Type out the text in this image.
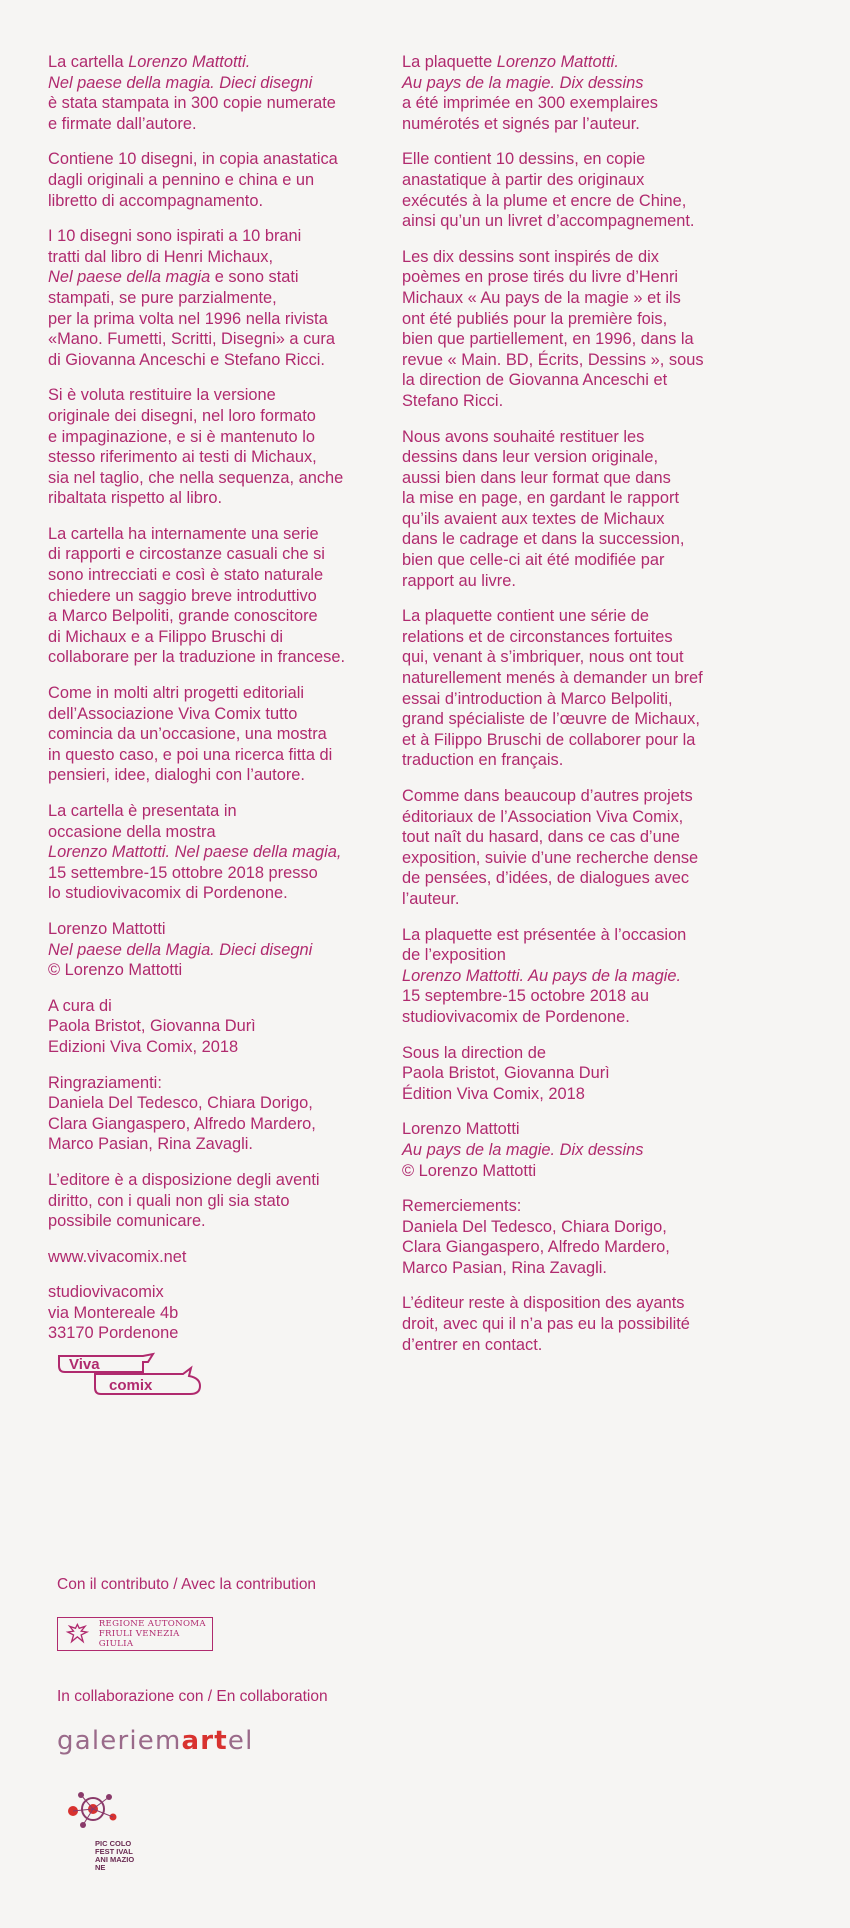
La cartella Lorenzo Mattotti.
Nel paese della magia. Dieci disegni
è stata stampata in 300 copie numerate
e firmate dall’autore.

Contiene 10 disegni, in copia anastatica
dagli originali a pennino e china e un
libretto di accompagnamento.

I 10 disegni sono ispirati a 10 brani
tratti dal libro di Henri Michaux,
Nel paese della magia e sono stati
stampati, se pure parzialmente,
per la prima volta nel 1996 nella rivista
«Mano. Fumetti, Scritti, Disegni» a cura
di Giovanna Anceschi e Stefano Ricci.

Si è voluta restituire la versione
originale dei disegni, nel loro formato
e impaginazione, e si è mantenuto lo
stesso riferimento ai testi di Michaux,
sia nel taglio, che nella sequenza, anche
ribaltata rispetto al libro.

La cartella ha internamente una serie
di rapporti e circostanze casuali che si
sono intrecciati e così è stato naturale
chiedere un saggio breve introduttivo
a Marco Belpoliti, grande conoscitore
di Michaux e a Filippo Bruschi di
collaborare per la traduzione in francese.

Come in molti altri progetti editoriali
dell’Associazione Viva Comix tutto
comincia da un’occasione, una mostra
in questo caso, e poi una ricerca fitta di
pensieri, idee, dialoghi con l’autore.

La cartella è presentata in
occasione della mostra
Lorenzo Mattotti. Nel paese della magia,
15 settembre-15 ottobre 2018 presso
lo studiovivacomix di Pordenone.

Lorenzo Mattotti
Nel paese della Magia. Dieci disegni
© Lorenzo Mattotti

A cura di
Paola Bristot, Giovanna Durì
Edizioni Viva Comix, 2018

Ringraziamenti:
Daniela Del Tedesco, Chiara Dorigo,
Clara Giangaspero, Alfredo Mardero,
Marco Pasian, Rina Zavagli.

L’editore è a disposizione degli aventi
diritto, con i quali non gli sia stato
possibile comunicare.

www.vivacomix.net

studiovivacomix
via Montereale 4b
33170 Pordenone

La plaquette Lorenzo Mattotti.
Au pays de la magie. Dix dessins
a été imprimée en 300 exemplaires
numérotés et signés par l’auteur.

Elle contient 10 dessins, en copie
anastatique à partir des originaux
exécutés à la plume et encre de Chine,
ainsi qu’un un livret d’accompagnement.

Les dix dessins sont inspirés de dix
poèmes en prose tirés du livre d’Henri
Michaux « Au pays de la magie » et ils
ont été publiés pour la première fois,
bien que partiellement, en 1996, dans la
revue « Main. BD, Écrits, Dessins », sous
la direction de Giovanna Anceschi et
Stefano Ricci.

Nous avons souhaité restituer les
dessins dans leur version originale,
aussi bien dans leur format que dans
la mise en page, en gardant le rapport
qu’ils avaient aux textes de Michaux
dans le cadrage et dans la succession,
bien que celle-ci ait été modifiée par
rapport au livre.

La plaquette contient une série de
relations et de circonstances fortuites
qui, venant à s’imbriquer, nous ont tout
naturellement menés à demander un bref
essai d’introduction à Marco Belpoliti,
grand spécialiste de l’œuvre de Michaux,
et à Filippo Bruschi de collaborer pour la
traduction en français.

Comme dans beaucoup d’autres projets
éditoriaux de l’Association Viva Comix,
tout naît du hasard, dans ce cas d’une
exposition, suivie d’une recherche dense
de pensées, d’idées, de dialogues avec
l’auteur.

La plaquette est présentée à l’occasion
de l’exposition
Lorenzo Mattotti. Au pays de la magie.
15 septembre-15 octobre 2018 au
studiovivacomix de Pordenone.

Sous la direction de
Paola Bristot, Giovanna Durì
Édition Viva Comix, 2018

Lorenzo Mattotti
Au pays de la magie. Dix dessins
© Lorenzo Mattotti

Remerciements:
Daniela Del Tedesco, Chiara Dorigo,
Clara Giangaspero, Alfredo Mardero,
Marco Pasian, Rina Zavagli.

L’éditeur reste à disposition des ayants
droit, avec qui il n’a pas eu la possibilité
d’entrer en contact.

Viva
comix
Con il contributo / Avec la contribution
REGIONE AUTONOMA
FRIULI VENEZIA GIULIA
In collaborazione con / En collaboration
galeriemartel
PIC COLO FEST IVAL ANI MAZIO NE
